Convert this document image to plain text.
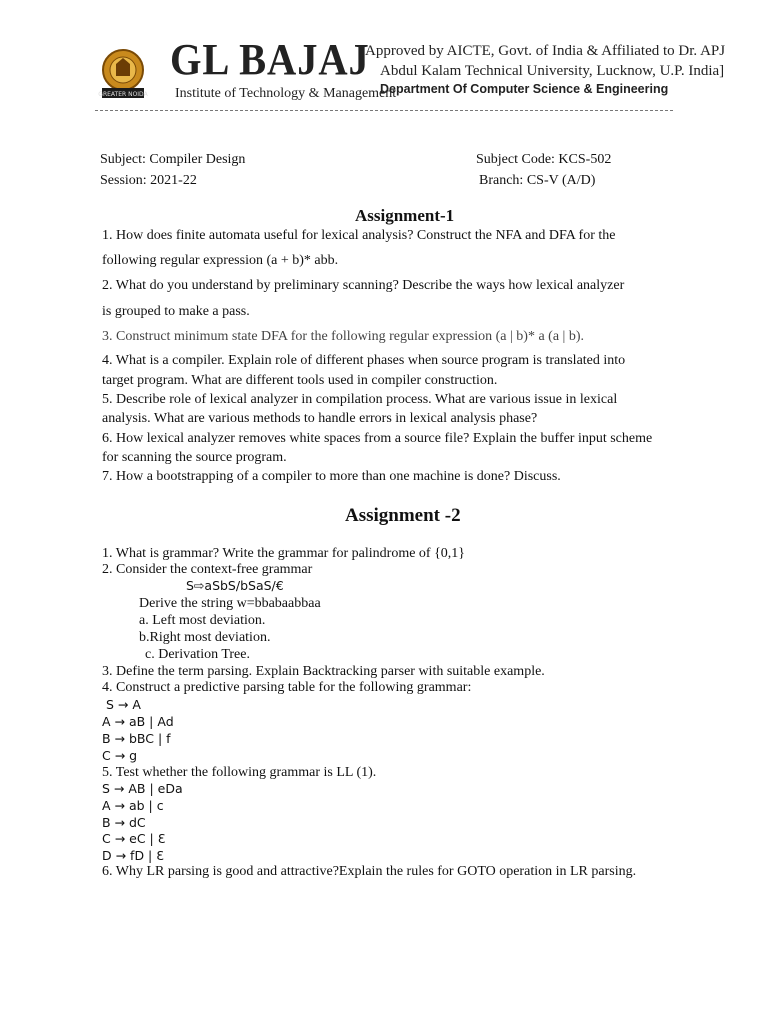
GREATER NOIDA
GL BAJAJ
Institute of Technology & Management
[Approved by AICTE, Govt. of India & Affiliated to Dr. APJ
Abdul Kalam Technical University, Lucknow, U.P. India]
Department Of Computer Science & Engineering
Subject: Compiler Design	Subject Code: KCS-502
Session: 2021-22	Branch: CS-V (A/D)
Assignment-1
1. How does finite automata useful for lexical analysis? Construct the NFA and DFA for the
following regular expression (a + b)* abb.
2. What do you understand by preliminary scanning? Describe the ways how lexical analyzer
is grouped to make a pass.
3. Construct minimum state DFA for the following regular expression (a | b)* a (a | b).
4. What is a compiler. Explain role of different phases when source program is translated into
target program. What are different tools used in compiler construction.
5. Describe role of lexical analyzer in compilation process. What are various issue in lexical
analysis. What are various methods to handle errors in lexical analysis phase?
6. How lexical analyzer removes white spaces from a source file? Explain the buffer input scheme
for scanning the source program.
7. How a bootstrapping of a compiler to more than one machine is done? Discuss.
Assignment -2
1. What is grammar? Write the grammar for palindrome of {0,1}
2. Consider the context-free grammar
S⇨aSbS/bSaS/€
Derive the string w=bbabaabbaa
a. Left most deviation.
b.Right most deviation.
c. Derivation Tree.
3. Define the term parsing. Explain Backtracking parser with suitable example.
4. Construct a predictive parsing table for the following grammar:
S → A
A → aB | Ad
B → bBC | f
C → g
5. Test whether the following grammar is LL (1).
S → AB | eDa
A → ab | c
B → dC
C → eC | Ɛ
D → fD | Ɛ
6. Why LR parsing is good and attractive?Explain the rules for GOTO operation in LR parsing.
